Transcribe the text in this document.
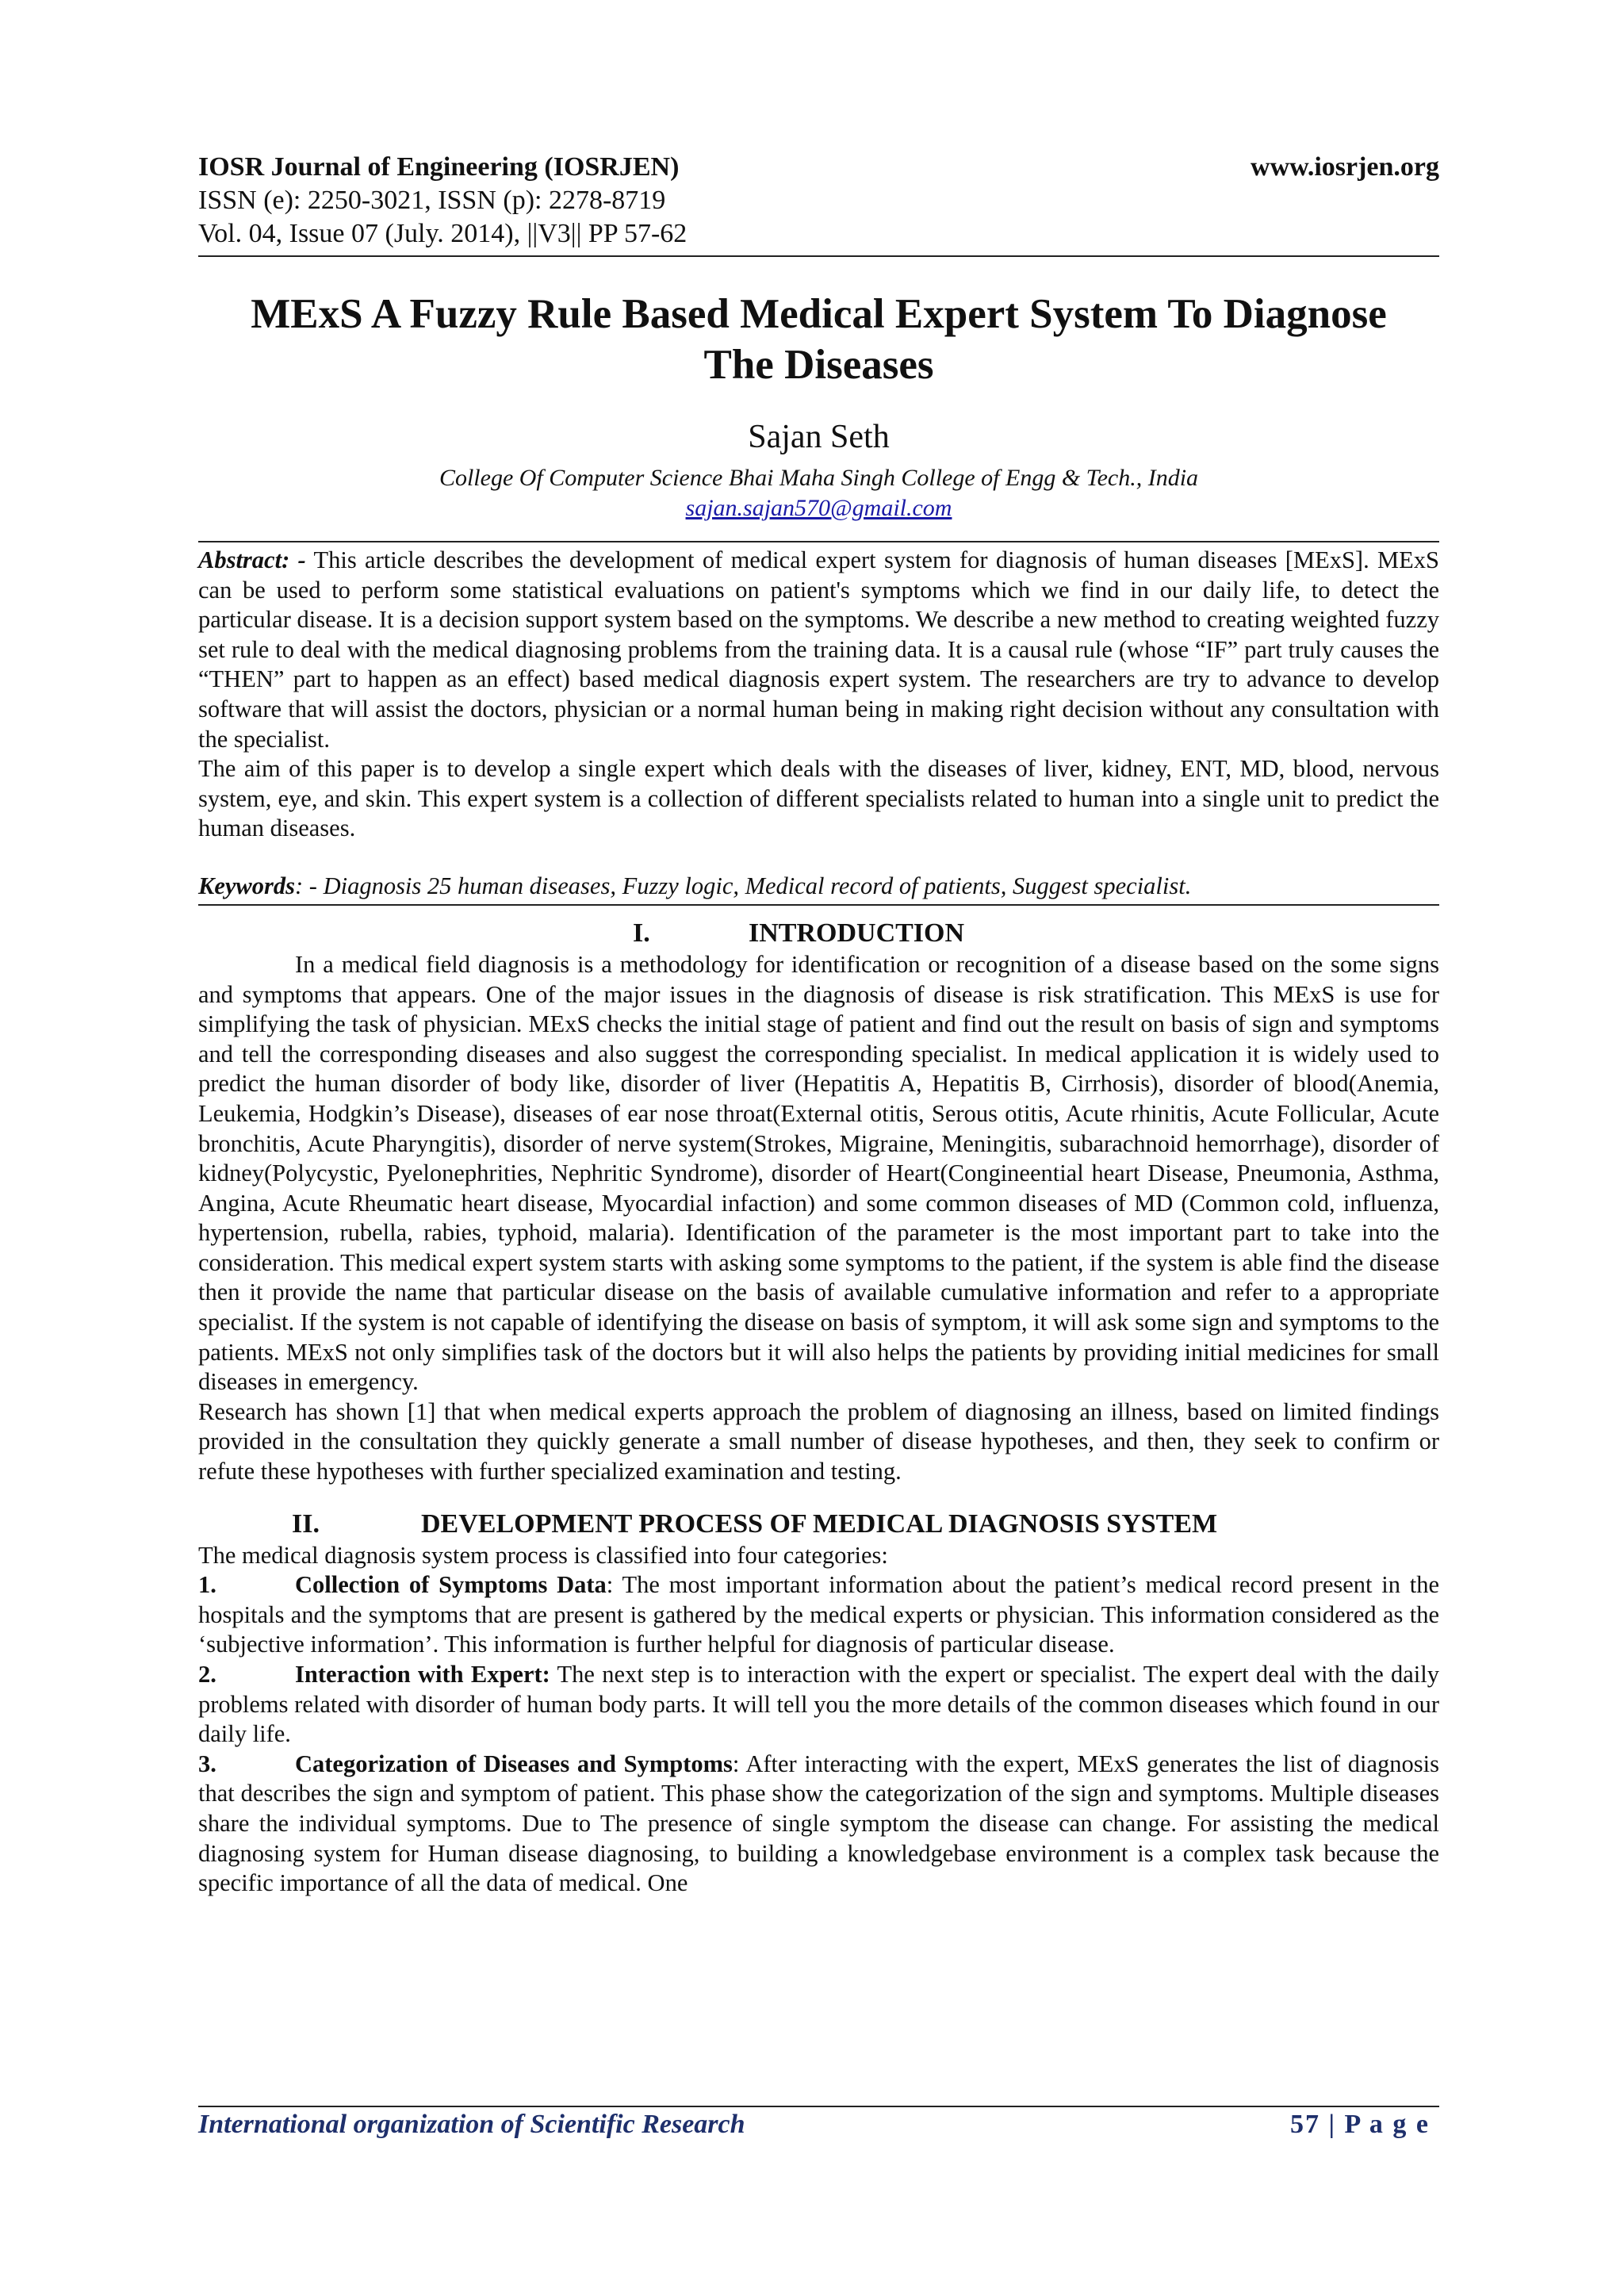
IOSR Journal of Engineering (IOSRJEN)	www.iosrjen.org
ISSN (e): 2250-3021, ISSN (p): 2278-8719
Vol. 04, Issue 07 (July. 2014), ||V3|| PP 57-62
MExS A Fuzzy Rule Based Medical Expert System To Diagnose The Diseases
Sajan Seth
College Of Computer Science Bhai Maha Singh College of Engg & Tech., India
sajan.sajan570@gmail.com

Abstract: - This article describes the development of medical expert system for diagnosis of human diseases [MExS]. MExS can be used to perform some statistical evaluations on patient's symptoms which we find in our daily life, to detect the particular disease. It is a decision support system based on the symptoms. We describe a new method to creating weighted fuzzy set rule to deal with the medical diagnosing problems from the training data. It is a causal rule (whose “IF” part truly causes the “THEN” part to happen as an effect) based medical diagnosis expert system. The researchers are try to advance to develop software that will assist the doctors, physician or a normal human being in making right decision without any consultation with the specialist.

The aim of this paper is to develop a single expert which deals with the diseases of liver, kidney, ENT, MD, blood, nervous system, eye, and skin. This expert system is a collection of different specialists related to human into a single unit to predict the human diseases.

Keywords: - Diagnosis 25 human diseases, Fuzzy logic, Medical record of patients, Suggest specialist.

I.	INTRODUCTION

In a medical field diagnosis is a methodology for identification or recognition of a disease based on the some signs and symptoms that appears. One of the major issues in the diagnosis of disease is risk stratification. This MExS is use for simplifying the task of physician. MExS checks the initial stage of patient and find out the result on basis of sign and symptoms and tell the corresponding diseases and also suggest the corresponding specialist. In medical application it is widely used to predict the human disorder of body like, disorder of liver (Hepatitis A, Hepatitis B, Cirrhosis), disorder of blood(Anemia, Leukemia, Hodgkin’s Disease), diseases of ear nose throat(External otitis, Serous otitis, Acute rhinitis, Acute Follicular, Acute bronchitis, Acute Pharyngitis), disorder of nerve system(Strokes, Migraine, Meningitis, subarachnoid hemorrhage), disorder of kidney(Polycystic, Pyelonephrities, Nephritic Syndrome), disorder of Heart(Congineential heart Disease, Pneumonia, Asthma, Angina, Acute Rheumatic heart disease, Myocardial infaction) and some common diseases of MD (Common cold, influenza, hypertension, rubella, rabies, typhoid, malaria). Identification of the parameter is the most important part to take into the consideration. This medical expert system starts with asking some symptoms to the patient, if the system is able find the disease then it provide the name that particular disease on the basis of available cumulative information and refer to a appropriate specialist. If the system is not capable of identifying the disease on basis of symptom, it will ask some sign and symptoms to the patients. MExS not only simplifies task of the doctors but it will also helps the patients by providing initial medicines for small diseases in emergency.

Research has shown [1] that when medical experts approach the problem of diagnosing an illness, based on limited findings provided in the consultation they quickly generate a small number of disease hypotheses, and then, they seek to confirm or refute these hypotheses with further specialized examination and testing.

II.	DEVELOPMENT PROCESS OF MEDICAL DIAGNOSIS SYSTEM

The medical diagnosis system process is classified into four categories:

1.	Collection of Symptoms Data: The most important information about the patient’s medical record present in the hospitals and the symptoms that are present is gathered by the medical experts or physician. This information considered as the ‘subjective information’. This information is further helpful for diagnosis of particular disease.

2.	Interaction with Expert: The next step is to interaction with the expert or specialist. The expert deal with the daily problems related with disorder of human body parts. It will tell you the more details of the common diseases which found in our daily life.

3.	Categorization of Diseases and Symptoms: After interacting with the expert, MExS generates the list of diagnosis that describes the sign and symptom of patient. This phase show the categorization of the sign and symptoms. Multiple diseases share the individual symptoms. Due to The presence of single symptom the disease can change. For assisting the medical diagnosing system for Human disease diagnosing, to building a knowledgebase environment is a complex task because the specific importance of all the data of medical. One

International organization of Scientific Research	57 | P a g e
